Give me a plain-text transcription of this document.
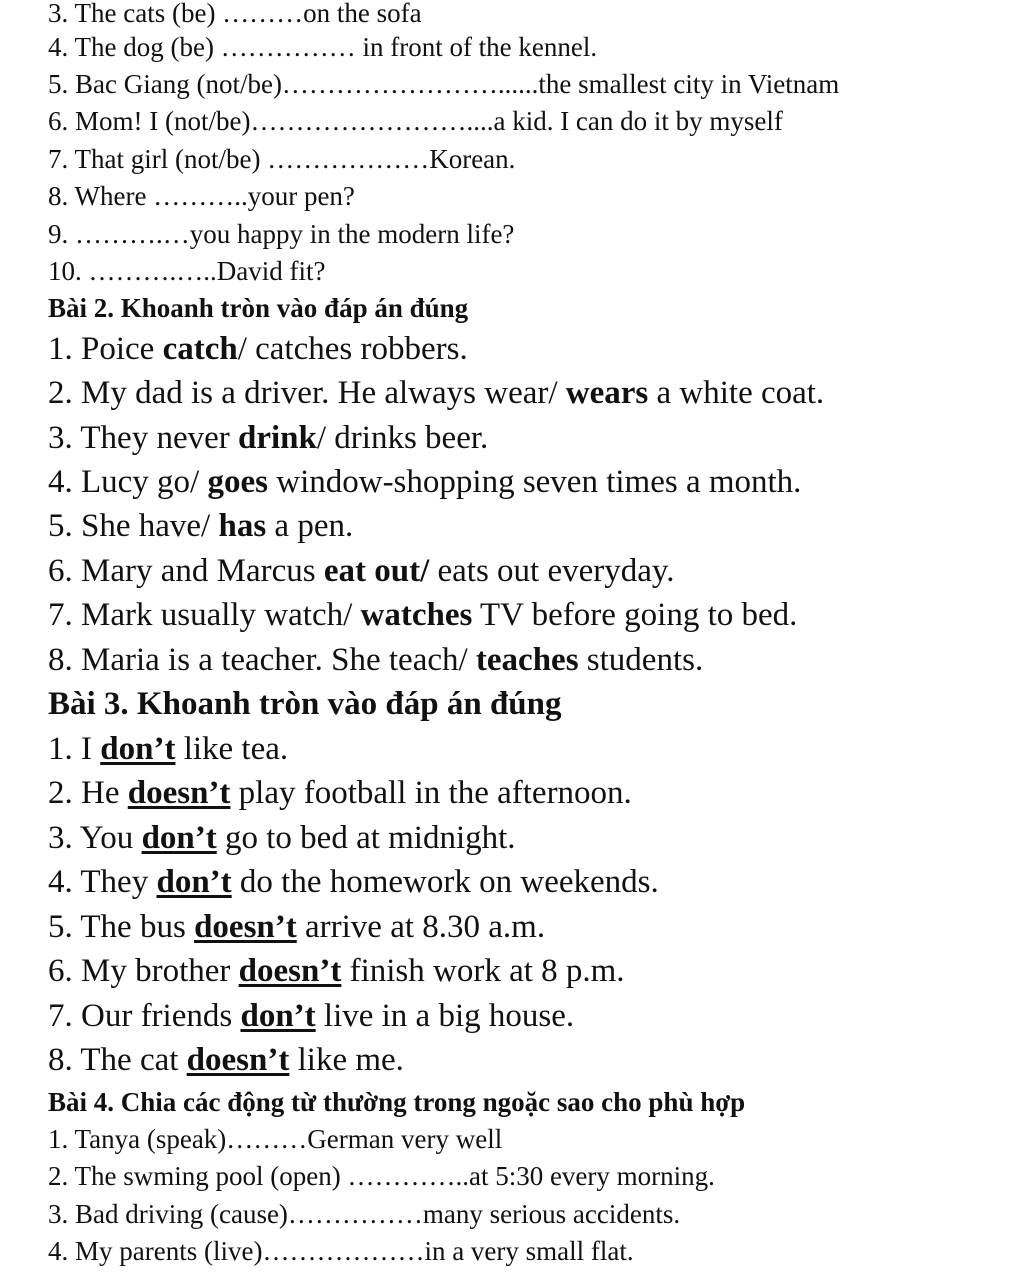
3. The cats (be) ………on the sofa
4. The dog (be) …………… in front of the kennel.
5. Bac Giang (not/be)……………………......the smallest city in Vietnam
6. Mom! I (not/be)……………………....a kid. I can do it by myself
7. That girl (not/be) ………………Korean.
8. Where ………..your pen?
9. ……….…you happy in the modern life?
10. ……….…..David fit?
Bài 2. Khoanh tròn vào đáp án đúng
1. Poice catch/ catches robbers.
2. My dad is a driver. He always wear/ wears a white coat.
3. They never drink/ drinks beer.
4. Lucy go/ goes window-shopping seven times a month.
5. She have/ has a pen.
6. Mary and Marcus eat out/ eats out everyday.
7. Mark usually watch/ watches TV before going to bed.
8. Maria is a teacher. She teach/ teaches students.
Bài 3. Khoanh tròn vào đáp án đúng
1. I don’t like tea.
2. He doesn’t play football in the afternoon.
3. You don’t go to bed at midnight.
4. They don’t do the homework on weekends.
5. The bus doesn’t arrive at 8.30 a.m.
6. My brother doesn’t finish work at 8 p.m.
7. Our friends don’t live in a big house.
8. The cat doesn’t like me.
Bài 4. Chia các động từ thường trong ngoặc sao cho phù hợp
1. Tanya (speak)………German very well
2. The swming pool (open) …………..at 5:30 every morning.
3. Bad driving (cause)……………many serious accidents.
4. My parents (live)………………in a very small flat.
